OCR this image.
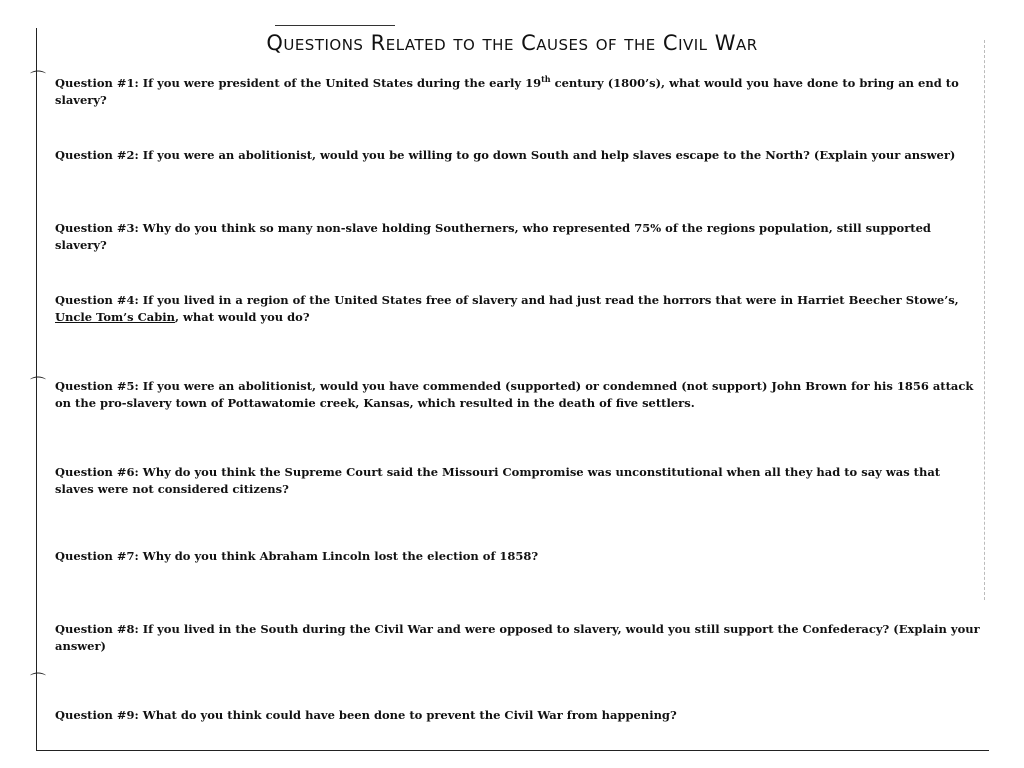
Questions Related to the Causes of the Civil War
⌒
⌒
⌒
Question #1: If you were president of the United States during the early 19th century (1800’s), what would you have done to bring an end to slavery?
Question #2: If you were an abolitionist, would you be willing to go down South and help slaves escape to the North? (Explain your answer)
Question #3: Why do you think so many non-slave holding Southerners, who represented 75% of the regions population, still supported slavery?
Question #4: If you lived in a region of the United States free of slavery and had just read the horrors that were in Harriet Beecher Stowe’s, Uncle Tom’s Cabin, what would you do?
Question #5: If you were an abolitionist, would you have commended (supported) or condemned (not support) John Brown for his 1856 attack on the pro-slavery town of Pottawatomie creek, Kansas, which resulted in the death of five settlers.
Question #6: Why do you think the Supreme Court said the Missouri Compromise was unconstitutional when all they had to say was that slaves were not considered citizens?
Question #7: Why do you think Abraham Lincoln lost the election of 1858?
Question #8: If you lived in the South during the Civil War and were opposed to slavery, would you still support the Confederacy? (Explain your answer)
Question #9: What do you think could have been done to prevent the Civil War from happening?
